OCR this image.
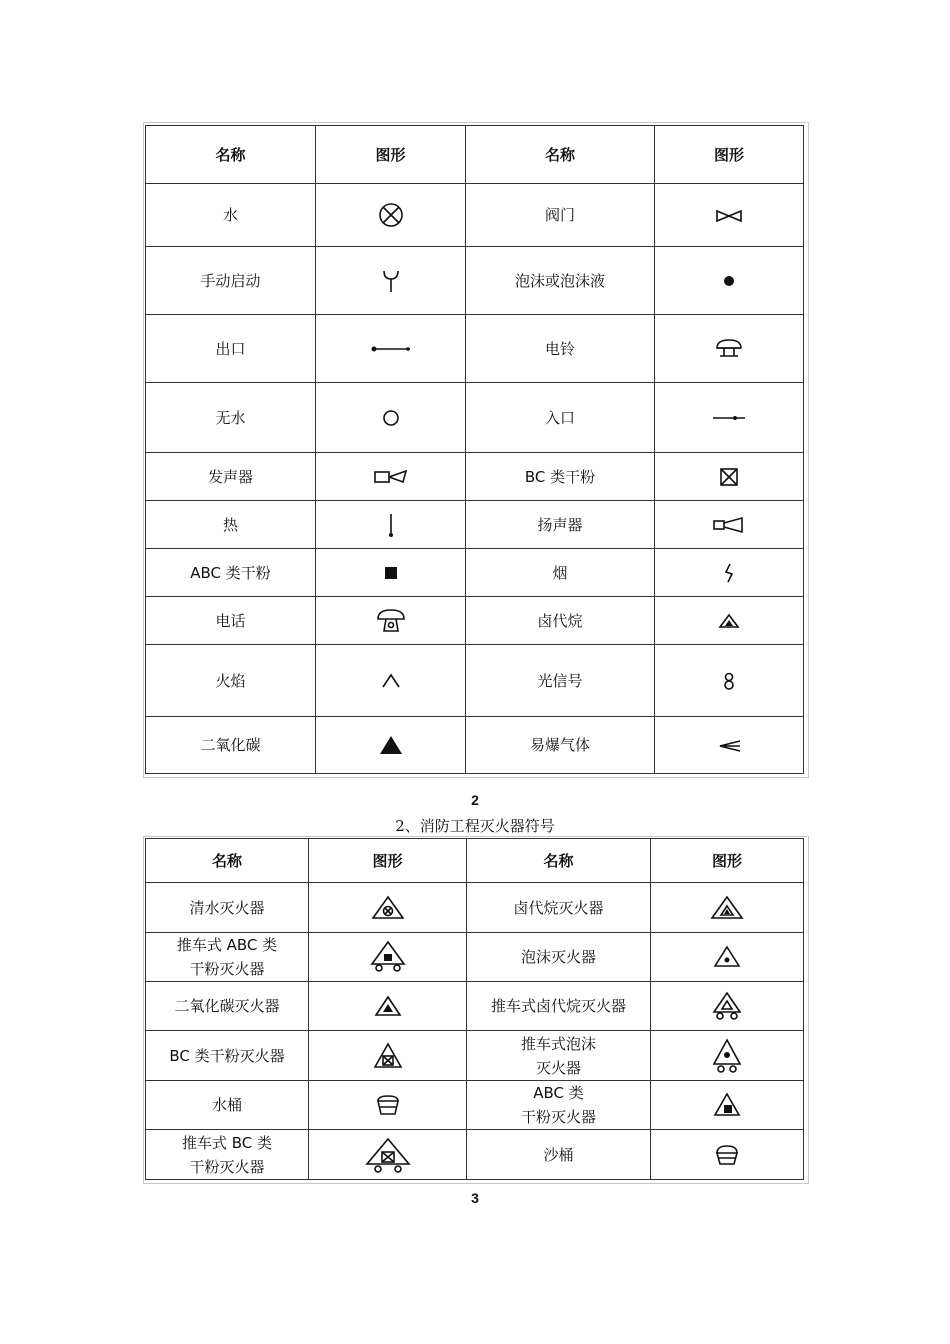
名称	图形	名称	图形
水		阀门	
手动启动		泡沫或泡沫液	
出口		电铃	
无水		入口	
发声器		BC 类干粉	
热		扬声器	
ABC 类干粉		烟	
电话		卤代烷	
火焰		光信号	
二氧化碳		易爆气体	
2
2、消防工程灭火器符号
名称	图形	名称	图形
清水灭火器		卤代烷灭火器	
推车式 ABC 类
干粉灭火器		泡沫灭火器	
二氧化碳灭火器		推车式卤代烷灭火器	
BC 类干粉灭火器		推车式泡沫
灭火器	
水桶		ABC 类
干粉灭火器	
推车式 BC 类
干粉灭火器		沙桶	
3
